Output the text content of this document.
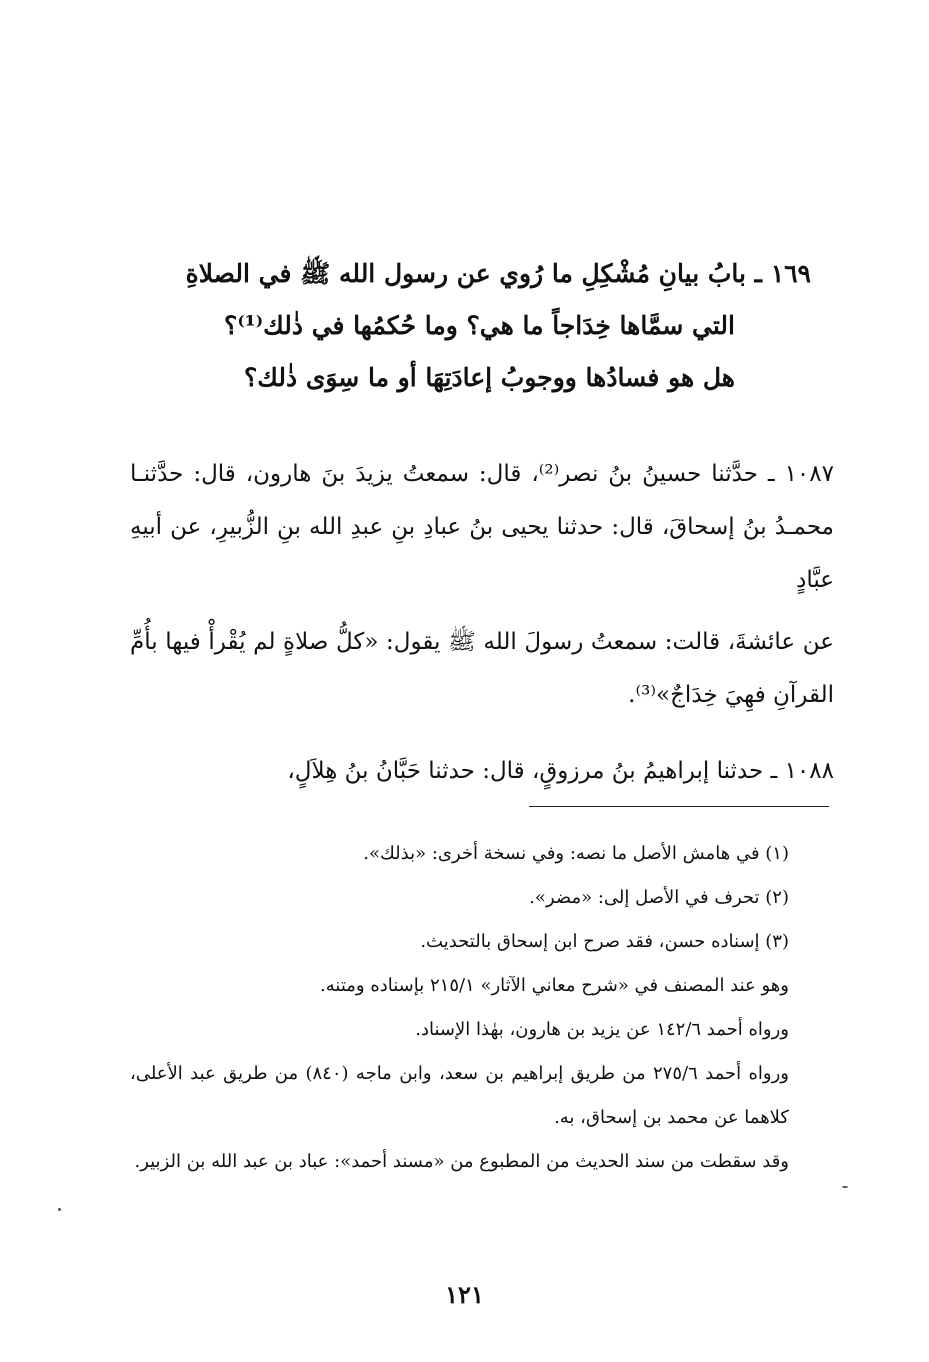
١٦٩ ـ بابُ بيانِ مُشْكِلِ ما رُوي عن رسول الله ﷺ في الصلاةِ
التي سمَّاها خِدَاجاً ما هي؟ وما حُكمُها في ذٰلك⁽¹⁾؟
هل هو فسادُها ووجوبُ إعادَتِهَا أو ما سِوَى ذٰلك؟

١٠٨٧ ـ حدَّثنا حسينُ بنُ نصر⁽²⁾، قال: سمعتُ يزيدَ بنَ هارون، قال: حدَّثنـا محمـدُ بنُ إسحاقَ، قال: حدثنا يحيى بنُ عبادِ بنِ عبدِ الله بنِ الزُّبيرِ، عن أبيهِ عبَّادٍ

عن عائشةَ، قالت: سمعتُ رسولَ الله ﷺ يقول: «كلُّ صلاةٍ لم يُقْرأْ فيها بأُمِّ القرآنِ فهِيَ خِدَاجٌ»⁽³⁾.

١٠٨٨ ـ حدثنا إبراهيمُ بنُ مرزوقٍ، قال: حدثنا حَبَّانُ بنُ هِلاَلٍ،

(١) في هامش الأصل ما نصه: وفي نسخة أخرى: «بذلك».
(٢) تحرف في الأصل إلى: «مضر».
(٣) إسناده حسن، فقد صرح ابن إسحاق بالتحديث.
وهو عند المصنف في «شرح معاني الآثار» ٢١٥/١ بإسناده ومتنه.
ورواه أحمد ١٤٢/٦ عن يزيد بن هارون، بهٰذا الإسناد.
ورواه أحمد ٢٧٥/٦ من طريق إبراهيم بن سعد، وابن ماجه (٨٤٠) من طريق عبد الأعلى، كلاهما عن محمد بن إسحاق، به.
وقد سقطت من سند الحديث من المطبوع من «مسند أحمد»: عباد بن عبد الله بن الزبير.
١٢١
